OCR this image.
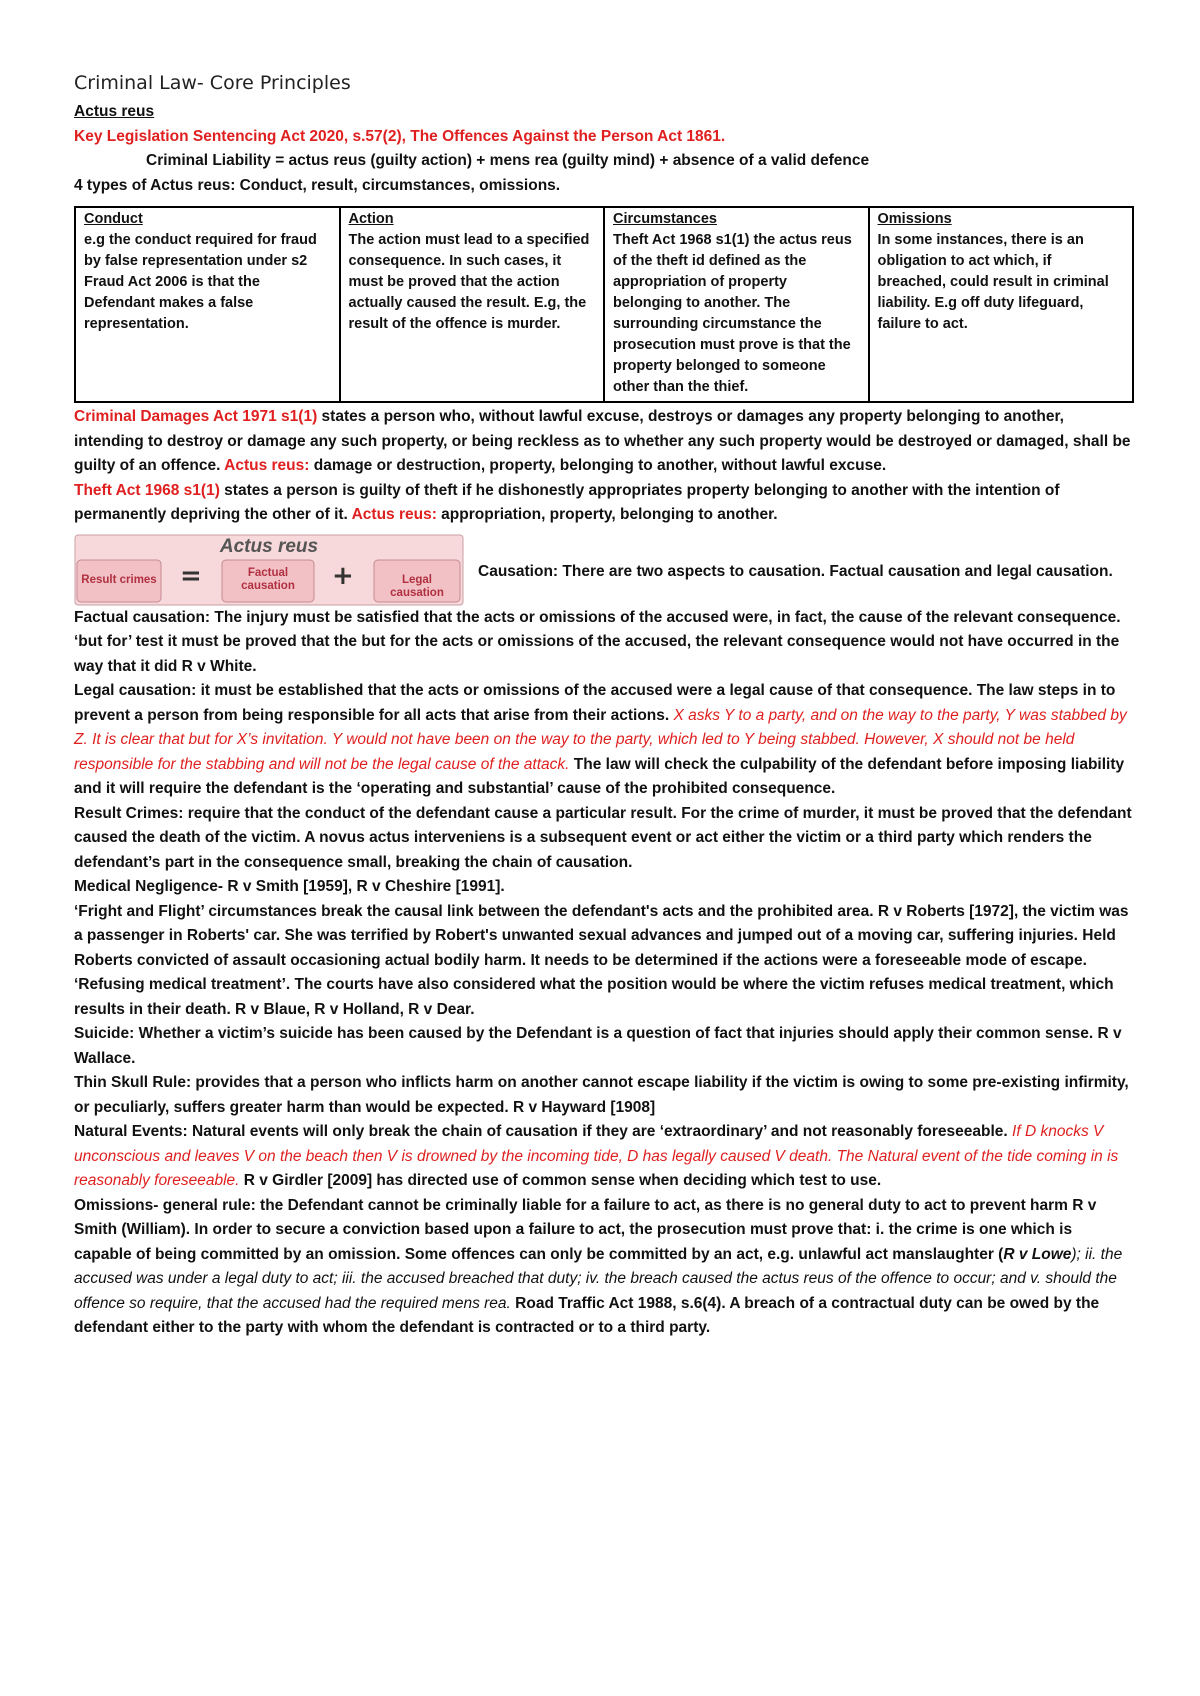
Criminal Law- Core Principles

Actus reus

Key Legislation Sentencing Act 2020, s.57(2), The Offences Against the Person Act 1861.

Criminal Liability = actus reus (guilty action) + mens rea (guilty mind) + absence of a valid defence

4 types of Actus reus: Conduct, result, circumstances, omissions.

Conduct
e.g the conduct required for fraud by false representation under s2 Fraud Act 2006 is that the Defendant makes a false representation.

Action
The action must lead to a specified consequence. In such cases, it must be proved that the action actually caused the result. E.g, the result of the offence is murder.

Circumstances
Theft Act 1968 s1(1) the actus reus of the theft id defined as the appropriation of property belonging to another. The surrounding circumstance the prosecution must prove is that the property belonged to someone other than the thief.

Omissions
In some instances, there is an obligation to act which, if breached, could result in criminal liability. E.g off duty lifeguard, failure to act.

Criminal Damages Act 1971 s1(1) states a person who, without lawful excuse, destroys or damages any property belonging to another, intending to destroy or damage any such property, or being reckless as to whether any such property would be destroyed or damaged, shall be guilty of an offence. Actus reus: damage or destruction, property, belonging to another, without lawful excuse.

Theft Act 1968 s1(1) states a person is guilty of theft if he dishonestly appropriates property belonging to another with the intention of permanently depriving the other of it. Actus reus: appropriation, property, belonging to another.

Actus reus
Result crimes =	Factual causation	+	Legal causation
Causation: There are two aspects to causation. Factual causation and legal causation.

Factual causation: The injury must be satisfied that the acts or omissions of the accused were, in fact, the cause of the relevant consequence. ‘but for’ test it must be proved that the but for the acts or omissions of the accused, the relevant consequence would not have occurred in the way that it did R v White.

Legal causation: it must be established that the acts or omissions of the accused were a legal cause of that consequence. The law steps in to prevent a person from being responsible for all acts that arise from their actions. X asks Y to a party, and on the way to the party, Y was stabbed by Z. It is clear that but for X’s invitation. Y would not have been on the way to the party, which led to Y being stabbed. However, X should not be held responsible for the stabbing and will not be the legal cause of the attack. The law will check the culpability of the defendant before imposing liability and it will require the defendant is the ‘operating and substantial’ cause of the prohibited consequence.

Result Crimes: require that the conduct of the defendant cause a particular result. For the crime of murder, it must be proved that the defendant caused the death of the victim. A novus actus interveniens is a subsequent event or act either the victim or a third party which renders the defendant’s part in the consequence small, breaking the chain of causation.

Medical Negligence- R v Smith [1959], R v Cheshire [1991].

‘Fright and Flight’ circumstances break the causal link between the defendant's acts and the prohibited area. R v Roberts [1972], the victim was a passenger in Roberts' car. She was terrified by Robert's unwanted sexual advances and jumped out of a moving car, suffering injuries. Held Roberts convicted of assault occasioning actual bodily harm. It needs to be determined if the actions were a foreseeable mode of escape.

‘Refusing medical treatment’. The courts have also considered what the position would be where the victim refuses medical treatment, which results in their death. R v Blaue, R v Holland, R v Dear.

Suicide: Whether a victim’s suicide has been caused by the Defendant is a question of fact that injuries should apply their common sense. R v Wallace.

Thin Skull Rule: provides that a person who inflicts harm on another cannot escape liability if the victim is owing to some pre-existing infirmity, or peculiarly, suffers greater harm than would be expected. R v Hayward [1908]

Natural Events: Natural events will only break the chain of causation if they are ‘extraordinary’ and not reasonably foreseeable. If D knocks V unconscious and leaves V on the beach then V is drowned by the incoming tide, D has legally caused V death. The Natural event of the tide coming in is reasonably foreseeable. R v Girdler [2009] has directed use of common sense when deciding which test to use.

Omissions- general rule: the Defendant cannot be criminally liable for a failure to act, as there is no general duty to act to prevent harm R v Smith (William). In order to secure a conviction based upon a failure to act, the prosecution must prove that: i. the crime is one which is capable of being committed by an omission. Some offences can only be committed by an act, e.g. unlawful act manslaughter (R v Lowe); ii. the accused was under a legal duty to act; iii. the accused breached that duty; iv. the breach caused the actus reus of the offence to occur; and v. should the offence so require, that the accused had the required mens rea. Road Traffic Act 1988, s.6(4). A breach of a contractual duty can be owed by the defendant either to the party with whom the defendant is contracted or to a third party.
